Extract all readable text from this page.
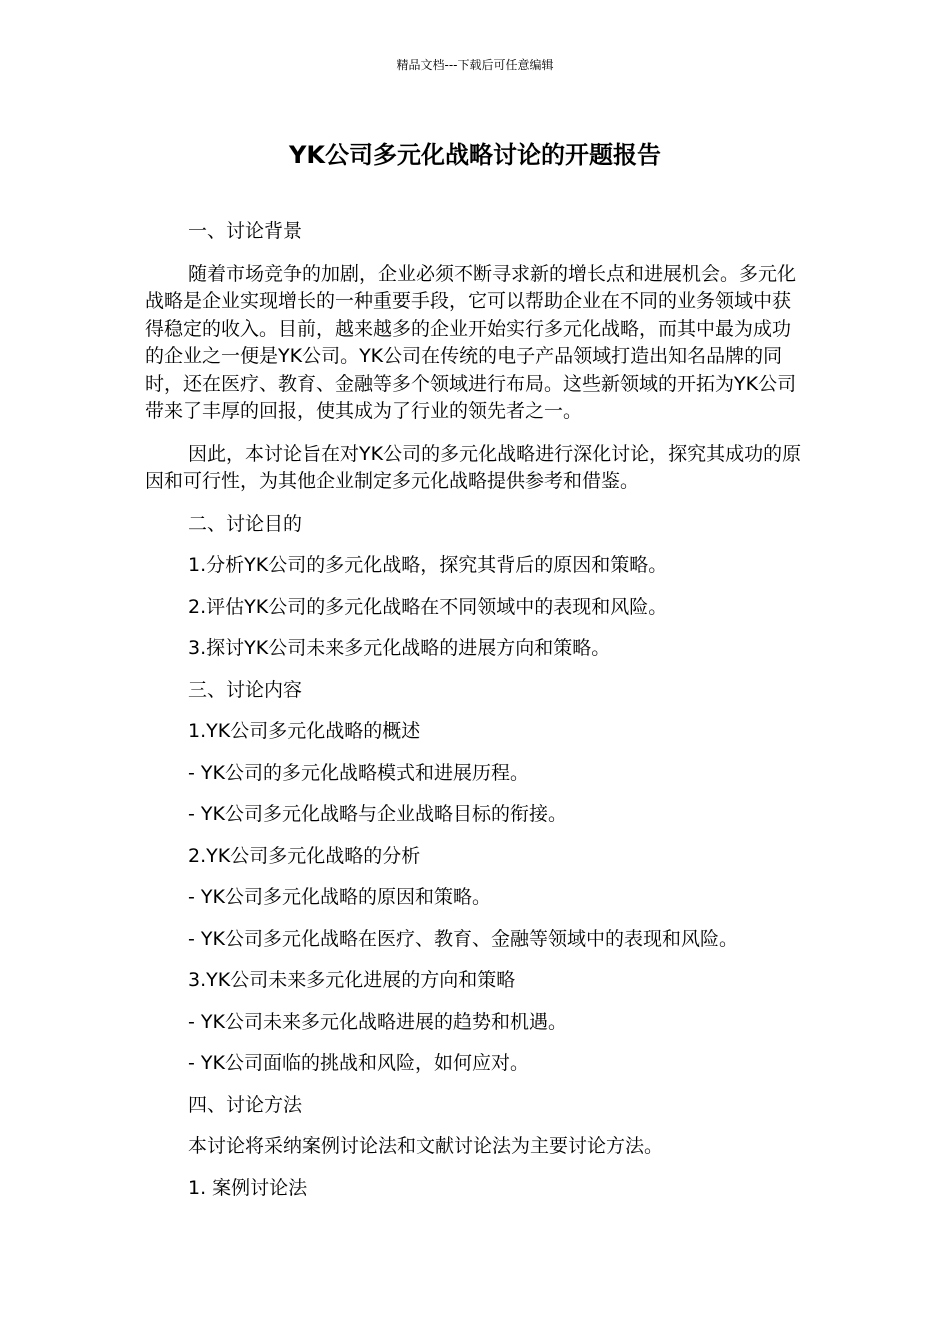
精品文档---下载后可任意编辑
YK公司多元化战略讨论的开题报告

一、讨论背景

随着市场竞争的加剧，企业必须不断寻求新的增长点和进展机会。多元化战略是企业实现增长的一种重要手段，它可以帮助企业在不同的业务领域中获得稳定的收入。目前，越来越多的企业开始实行多元化战略，而其中最为成功的企业之一便是YK公司。YK公司在传统的电子产品领域打造出知名品牌的同时，还在医疗、教育、金融等多个领域进行布局。这些新领域的开拓为YK公司带来了丰厚的回报，使其成为了行业的领先者之一。

因此，本讨论旨在对YK公司的多元化战略进行深化讨论，探究其成功的原因和可行性，为其他企业制定多元化战略提供参考和借鉴。

二、讨论目的

1.分析YK公司的多元化战略，探究其背后的原因和策略。

2.评估YK公司的多元化战略在不同领域中的表现和风险。

3.探讨YK公司未来多元化战略的进展方向和策略。

三、讨论内容

1.YK公司多元化战略的概述

- YK公司的多元化战略模式和进展历程。

- YK公司多元化战略与企业战略目标的衔接。

2.YK公司多元化战略的分析

- YK公司多元化战略的原因和策略。

- YK公司多元化战略在医疗、教育、金融等领域中的表现和风险。

3.YK公司未来多元化进展的方向和策略

- YK公司未来多元化战略进展的趋势和机遇。

- YK公司面临的挑战和风险，如何应对。

四、讨论方法

本讨论将采纳案例讨论法和文献讨论法为主要讨论方法。

1. 案例讨论法
